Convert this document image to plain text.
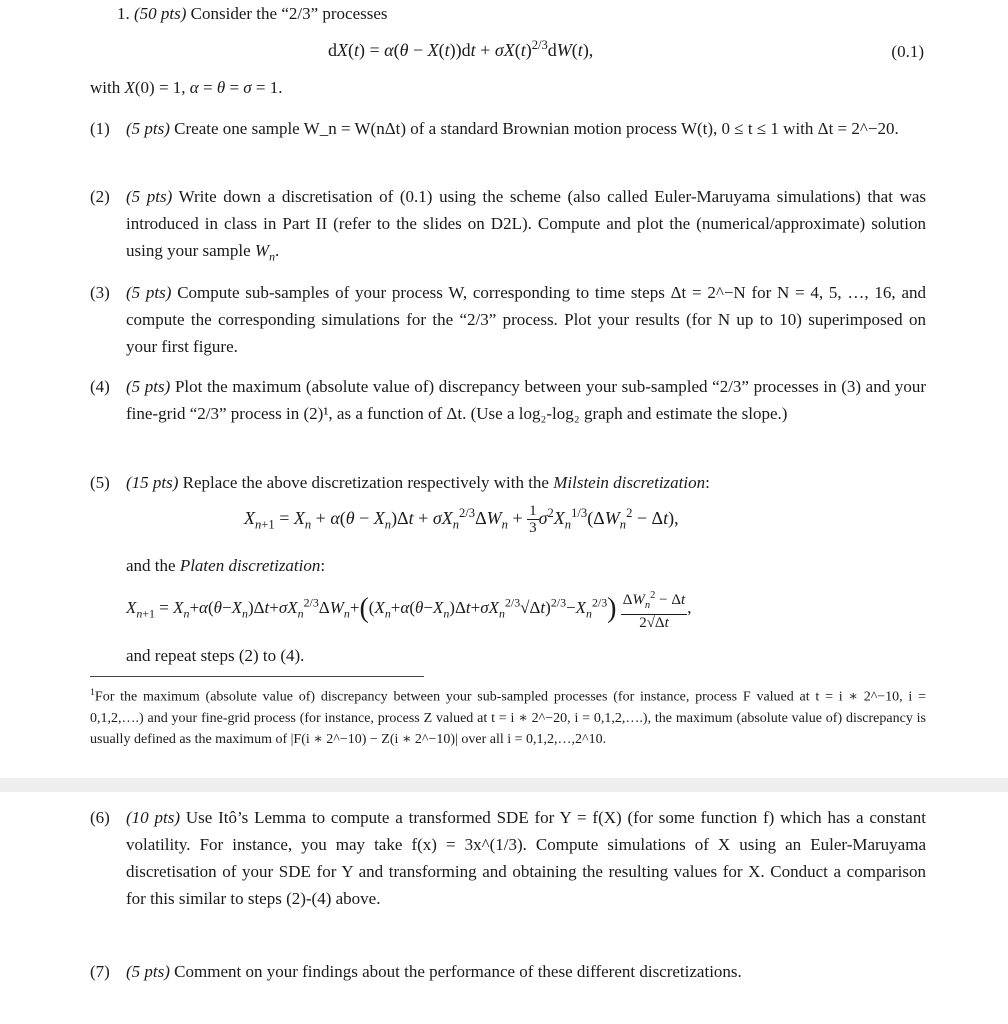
1. (50 pts) Consider the “2/3” processes
$dX(t) = \alpha(\theta - X(t))dt + \sigma X(t)^{2/3}dW(t)$,	(0.1)
with X(0) = 1, α = θ = σ = 1.
(1) (5 pts) Create one sample W_n = W(nΔt) of a standard Brownian motion process W(t), 0 ≤ t ≤ 1 with Δt = 2^−20.
(2) (5 pts) Write down a discretisation of (0.1) using the scheme (also called Euler-Maruyama simulations) that was introduced in class in Part II (refer to the slides on D2L). Compute and plot the (numerical/approximate) solution using your sample $W_n$.
(3) (5 pts) Compute sub-samples of your process W, corresponding to time steps Δt = 2^−N for N = 4, 5, …, 16, and compute the corresponding simulations for the “2/3” process. Plot your results (for N up to 10) superimposed on your first figure.
(4) (5 pts) Plot the maximum (absolute value of) discrepancy between your sub-sampled “2/3” processes in (3) and your fine-grid “2/3” process in (2)¹, as a function of Δt. (Use a log₂-log₂ graph and estimate the slope.)
(5) (15 pts) Replace the above discretization respectively with the Milstein discretization:
$X_{n+1} = X_n + \alpha(\theta - X_n)\Delta t + \sigma X_n^{2/3}\Delta W_n + \frac{1}{3} \sigma^2X_n^{1/3}(\Delta W_n^2 - \Delta t)$,
and the Platen discretization:
$X_{n+1} = X_n+\alpha(\theta-X_n)\Delta t+\sigma X_n^{2/3}\Delta W_n+((X_n+\alpha(\theta-X_n)\Delta t+\sigma X_n^{2/3}√\Delta t)^{2/3}-X_n^{2/3}) \frac{\Delta W_n^2 - \Delta t}{2√\Delta t}$ ,
and repeat steps (2) to (4).
$^1$For the maximum (absolute value of) discrepancy between your sub-sampled processes (for instance, process F valued at t = i ∗ 2^−10, i = 0,1,2,….) and your fine-grid process (for instance, process Z valued at t = i ∗ 2^−20, i = 0,1,2,….), the maximum (absolute value of) discrepancy is usually defined as the maximum of |F(i ∗ 2^−10) − Z(i ∗ 2^−10)| over all i = 0,1,2,…,2^10.
(6) (10 pts) Use Itô’s Lemma to compute a transformed SDE for Y = f(X) (for some function f) which has a constant volatility. For instance, you may take f(x) = 3x^(1/3). Compute simulations of X using an Euler-Maruyama discretisation of your SDE for Y and transforming and obtaining the resulting values for X. Conduct a comparison for this similar to steps (2)-(4) above.
(7) (5 pts) Comment on your findings about the performance of these different discretizations.
